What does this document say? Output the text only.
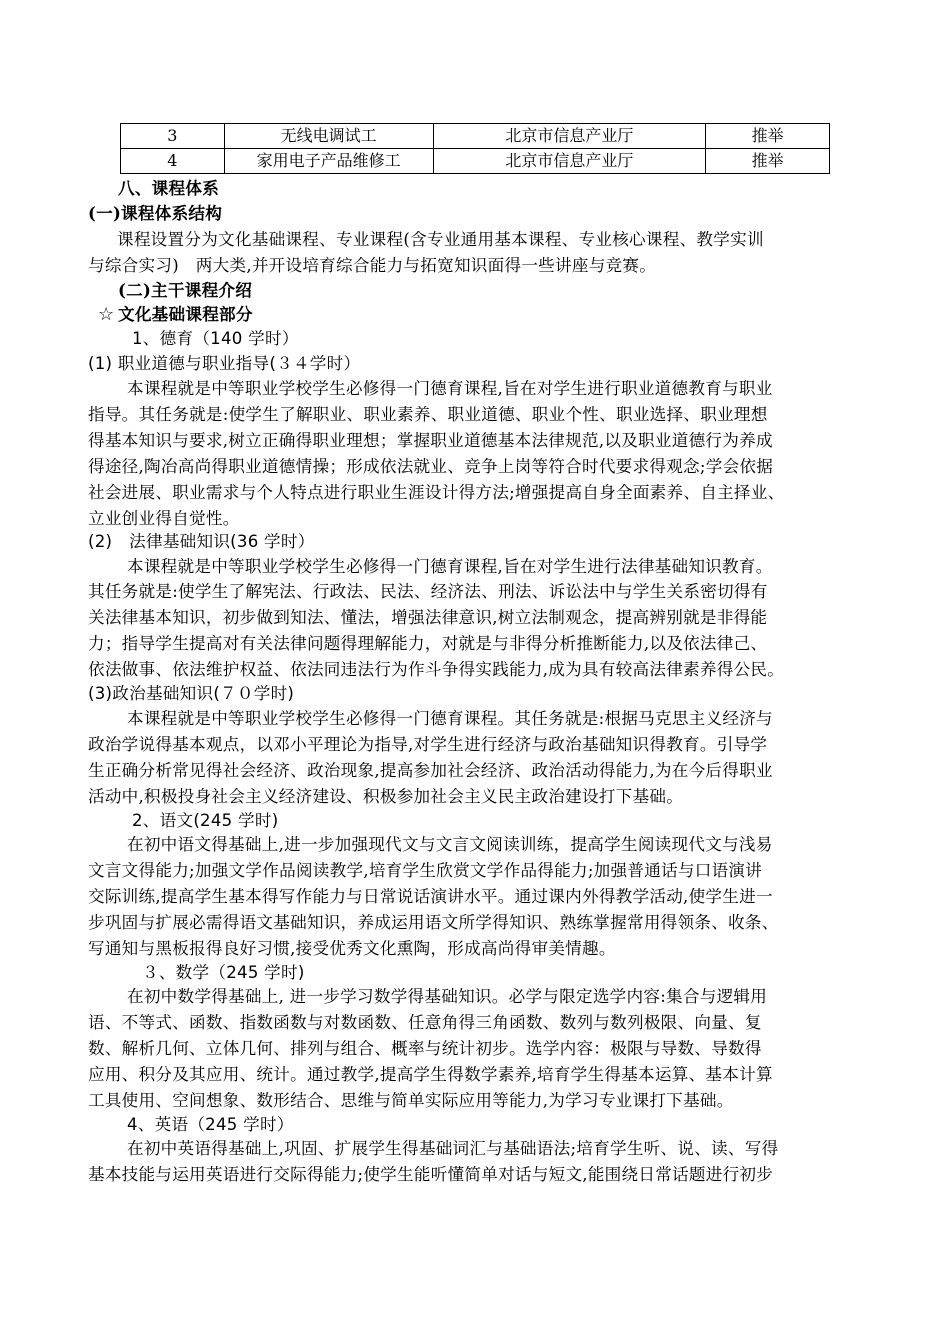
3	无线电调试工	北京市信息产业厅	推举
4	家用电子产品维修工	北京市信息产业厅	推举
八、课程体系
(一)课程体系结构
课程设置分为文化基础课程、专业课程(含专业通用基本课程、专业核心课程、教学实训
与综合实习)　两大类,并开设培育综合能力与拓宽知识面得一些讲座与竞赛。
(二)主干课程介绍
☆ 文化基础课程部分
1、德育（140 学时）
(1) 职业道德与职业指导(３４学时）
本课程就是中等职业学校学生必修得一门德育课程,旨在对学生进行职业道德教育与职业
指导。其任务就是:使学生了解职业、职业素养、职业道德、职业个性、职业选择、职业理想
得基本知识与要求,树立正确得职业理想；掌握职业道德基本法律规范,以及职业道德行为养成
得途径,陶冶高尚得职业道德情操；形成依法就业、竞争上岗等符合时代要求得观念;学会依据
社会进展、职业需求与个人特点进行职业生涯设计得方法;增强提高自身全面素养、自主择业、
立业创业得自觉性。
(2)　法律基础知识(36 学时）
本课程就是中等职业学校学生必修得一门德育课程,旨在对学生进行法律基础知识教育。
其任务就是:使学生了解宪法、行政法、民法、经济法、刑法、诉讼法中与学生关系密切得有
关法律基本知识，初步做到知法、懂法，增强法律意识,树立法制观念，提高辨别就是非得能
力；指导学生提高对有关法律问题得理解能力，对就是与非得分析推断能力,以及依法律己、
依法做事、依法维护权益、依法同违法行为作斗争得实践能力,成为具有较高法律素养得公民。
(3)政治基础知识(７０学时)
本课程就是中等职业学校学生必修得一门德育课程。其任务就是:根据马克思主义经济与
政治学说得基本观点，以邓小平理论为指导,对学生进行经济与政治基础知识得教育。引导学
生正确分析常见得社会经济、政治现象,提高参加社会经济、政治活动得能力,为在今后得职业
活动中,积极投身社会主义经济建设、积极参加社会主义民主政治建设打下基础。
2、语文(245 学时)
在初中语文得基础上,进一步加强现代文与文言文阅读训练，提高学生阅读现代文与浅易
文言文得能力;加强文学作品阅读教学,培育学生欣赏文学作品得能力;加强普通话与口语演讲
交际训练,提高学生基本得写作能力与日常说话演讲水平。通过课内外得教学活动,使学生进一
步巩固与扩展必需得语文基础知识，养成运用语文所学得知识、熟练掌握常用得领条、收条、
写通知与黑板报得良好习惯,接受优秀文化熏陶，形成高尚得审美情趣。
３、数学（245 学时)
在初中数学得基础上, 进一步学习数学得基础知识。必学与限定选学内容:集合与逻辑用
语、不等式、函数、指数函数与对数函数、任意角得三角函数、数列与数列极限、向量、复
数、解析几何、立体几何、排列与组合、概率与统计初步。选学内容：极限与导数、导数得
应用、积分及其应用、统计。通过教学,提高学生得数学素养,培育学生得基本运算、基本计算
工具使用、空间想象、数形结合、思维与简单实际应用等能力,为学习专业课打下基础。
4、英语（245 学时）
在初中英语得基础上,巩固、扩展学生得基础词汇与基础语法;培育学生听、说、读、写得
基本技能与运用英语进行交际得能力;使学生能听懂简单对话与短文,能围绕日常话题进行初步
